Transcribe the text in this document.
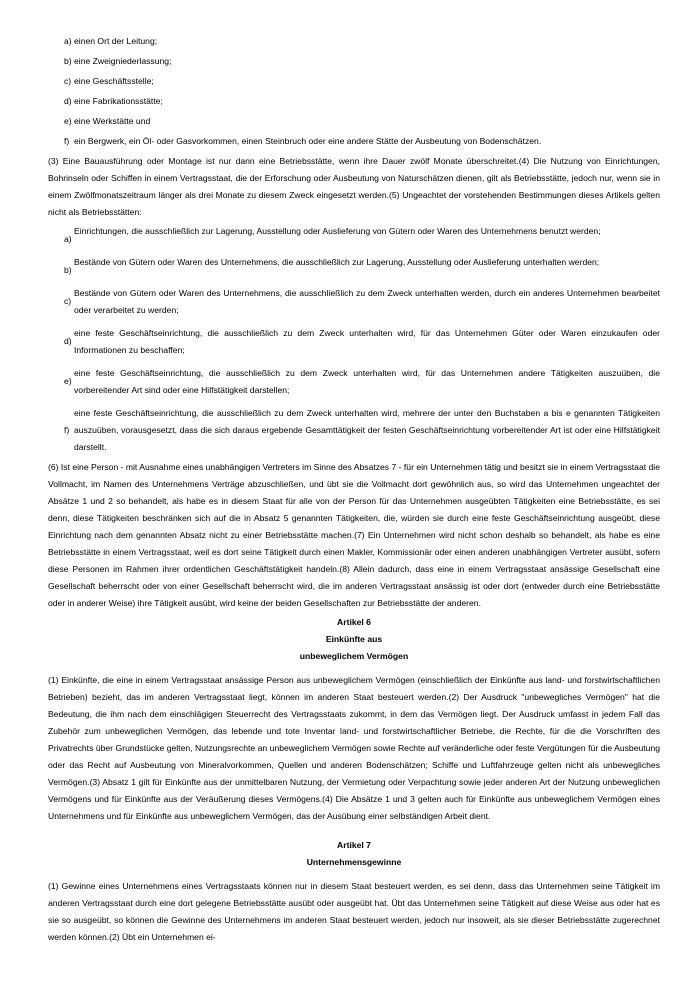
a) einen Ort der Leitung;
b) eine Zweigniederlassung;
c) eine Geschäftsstelle;
d) eine Fabrikationsstätte;
e) eine Werkstätte und
f) ein Bergwerk, ein Öl- oder Gasvorkommen, einen Steinbruch oder eine andere Stätte der Ausbeutung von Bodenschätzen.

(3) Eine Bauausführung oder Montage ist nur dann eine Betriebsstätte, wenn ihre Dauer zwölf Monate überschreitet.(4) Die Nutzung von Einrichtungen, Bohrinseln oder Schiffen in einem Vertragsstaat, die der Erforschung oder Ausbeutung von Naturschätzen dienen, gilt als Betriebsstätte, jedoch nur, wenn sie in einem Zwölfmonatszeitraum länger als drei Monate zu diesem Zweck eingesetzt werden.(5) Ungeachtet der vorstehenden Bestimmungen dieses Artikels gelten nicht als Betriebsstätten:

a)
Einrichtungen, die ausschließlich zur Lagerung, Ausstellung oder Auslieferung von Gütern oder Waren des Unternehmens benutzt werden;
b)
Bestände von Gütern oder Waren des Unternehmens, die ausschließlich zur Lagerung, Ausstellung oder Auslieferung unterhalten werden;
c)
Bestände von Gütern oder Waren des Unternehmens, die ausschließlich zu dem Zweck unterhalten werden, durch ein anderes Unternehmen bearbeitet oder verarbeitet zu werden;
d)
eine feste Geschäftseinrichtung, die ausschließlich zu dem Zweck unterhalten wird, für das Unternehmen Güter oder Waren einzukaufen oder Informationen zu beschaffen;
e)
eine feste Geschäftseinrichtung, die ausschließlich zu dem Zweck unterhalten wird, für das Unternehmen andere Tätigkeiten auszuüben, die vorbereitender Art sind oder eine Hilfstätigkeit darstellen;
f)
eine feste Geschäftseinrichtung, die ausschließlich zu dem Zweck unterhalten wird, mehrere der unter den Buchstaben a bis e genannten Tätigkeiten auszuüben, vorausgesetzt, dass die sich daraus ergebende Gesamttätigkeit der festen Geschäftseinrichtung vorbereitender Art ist oder eine Hilfstätigkeit darstellt.

(6) Ist eine Person - mit Ausnahme eines unabhängigen Vertreters im Sinne des Absatzes 7 - für ein Unternehmen tätig und besitzt sie in einem Vertragsstaat die Vollmacht, im Namen des Unternehmens Verträge abzuschließen, und übt sie die Vollmacht dort gewöhnlich aus, so wird das Unternehmen ungeachtet der Absätze 1 und 2 so behandelt, als habe es in diesem Staat für alle von der Person für das Unternehmen ausgeübten Tätigkeiten eine Betriebsstätte, es sei denn, diese Tätigkeiten beschränken sich auf die in Absatz 5 genannten Tätigkeiten, die, würden sie durch eine feste Geschäftseinrichtung ausgeübt, diese Einrichtung nach dem genannten Absatz nicht zu einer Betriebsstätte machen.(7) Ein Unternehmen wird nicht schon deshalb so behandelt, als habe es eine Betriebsstätte in einem Vertragsstaat, weil es dort seine Tätigkeit durch einen Makler, Kommissionär oder einen anderen unabhängigen Vertreter ausübt, sofern diese Personen im Rahmen ihrer ordentlichen Geschäftstätigkeit handeln.(8) Allein dadurch, dass eine in einem Vertragsstaat ansässige Gesellschaft eine Gesellschaft beherrscht oder von einer Gesellschaft beherrscht wird, die im anderen Vertragsstaat ansässig ist oder dort (entweder durch eine Betriebsstätte oder in anderer Weise) ihre Tätigkeit ausübt, wird keine der beiden Gesellschaften zur Betriebsstätte der anderen.

Artikel 6

Einkünfte aus

unbeweglichem Vermögen

(1) Einkünfte, die eine in einem Vertragsstaat ansässige Person aus unbeweglichem Vermögen (einschließlich der Einkünfte aus land- und forstwirtschaftlichen Betrieben) bezieht, das im anderen Vertragsstaat liegt, können im anderen Staat besteuert werden.(2) Der Ausdruck "unbewegliches Vermögen" hat die Bedeutung, die ihm nach dem einschlägigen Steuerrecht des Vertragsstaats zukommt, in dem das Vermögen liegt. Der Ausdruck umfasst in jedem Fall das Zubehör zum unbeweglichen Vermögen, das lebende und tote Inventar land- und forstwirtschaftlicher Betriebe, die Rechte, für die die Vorschriften des Privatrechts über Grundstücke gelten, Nutzungsrechte an unbeweglichem Vermögen sowie Rechte auf veränderliche oder feste Vergütungen für die Ausbeutung oder das Recht auf Ausbeutung von Mineralvorkommen, Quellen und anderen Bodenschätzen; Schiffe und Luftfahrzeuge gelten nicht als unbewegliches Vermögen.(3) Absatz 1 gilt für Einkünfte aus der unmittelbaren Nutzung, der Vermietung oder Verpachtung sowie jeder anderen Art der Nutzung unbeweglichen Vermögens und für Einkünfte aus der Veräußerung dieses Vermögens.(4) Die Absätze 1 und 3 gelten auch für Einkünfte aus unbeweglichem Vermögen eines Unternehmens und für Einkünfte aus unbeweglichem Vermögen, das der Ausübung einer selbständigen Arbeit dient.

Artikel 7

Unternehmensgewinne

(1) Gewinne eines Unternehmens eines Vertragsstaats können nur in diesem Staat besteuert werden, es sei denn, dass das Unternehmen seine Tätigkeit im anderen Vertragsstaat durch eine dort gelegene Betriebsstätte ausübt oder ausgeübt hat. Übt das Unternehmen seine Tätigkeit auf diese Weise aus oder hat es sie so ausgeübt, so können die Gewinne des Unternehmens im anderen Staat besteuert werden, jedoch nur insoweit, als sie dieser Betriebsstätte zugerechnet werden können.(2) Übt ein Unternehmen ei-
